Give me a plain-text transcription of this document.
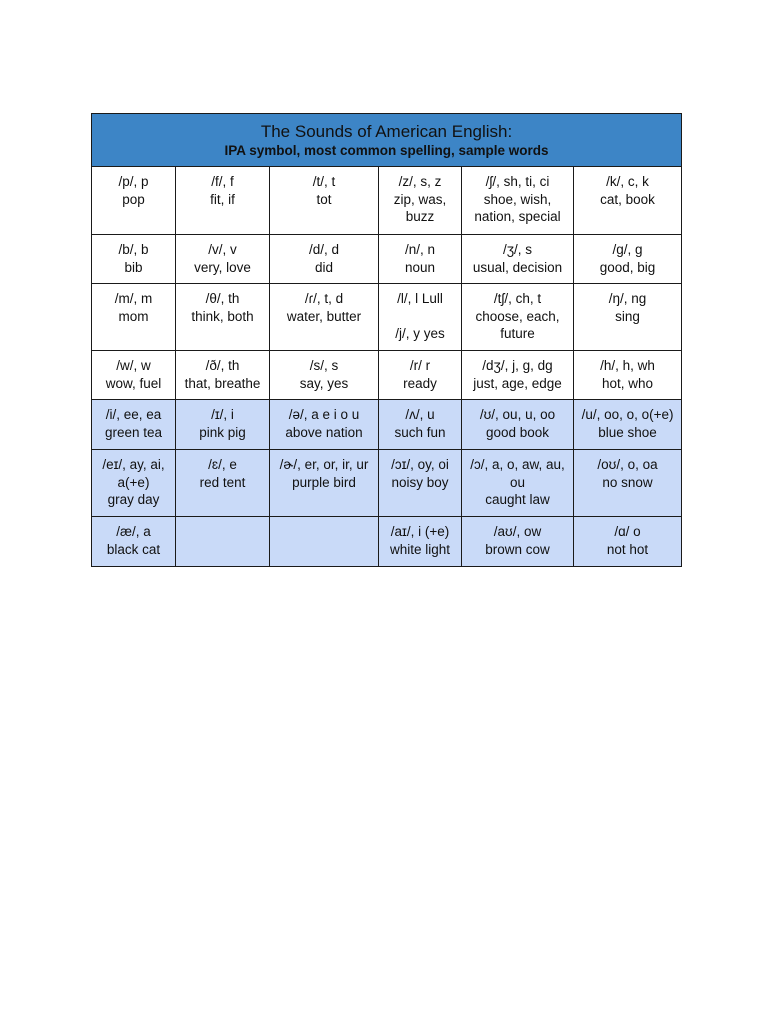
The Sounds of American English:
IPA symbol, most common spelling, sample words					

/p/, p
pop	/f/, f
fit, if	/t/, t
tot	/z/, s, z
zip, was,
buzz	/ʃ/, sh, ti, ci
shoe, wish,
nation, special	/k/, c, k
cat, book

/b/, b
bib	/v/, v
very, love	/d/, d
did	/n/, n
noun	/ʒ/, s
usual, decision	/g/, g
good, big

/m/, m
mom	/θ/, th
think, both	/ɾ/, t, d
water, butter	/l/, l Lull
/j/, y yes	/tʃ/, ch, t
choose, each,
future	/ŋ/, ng
sing

/w/, w
wow, fuel	/ð/, th
that, breathe	/s/, s
say, yes	/r/ r
ready	/dʒ/, j, g, dg
just, age, edge	/h/, h, wh
hot, who

/i/, ee, ea
green tea	/ɪ/, i
pink pig	/ə/, a e i o u
above nation	/ʌ/, u
such fun	/ʊ/, ou, u, oo
good book	/u/, oo, o, o(+e)
blue shoe

/eɪ/, ay, ai,
a(+e)
gray day	/ɛ/, e
red tent	/ɚ/, er, or, ir, ur
purple bird	/ɔɪ/, oy, oi
noisy boy	/ɔ/, a, o, aw, au,
ou
caught law	/oʊ/, o, oa
no snow

/æ/, a
black cat			/aɪ/, i (+e)
white light	/aʊ/, ow
brown cow	/ɑ/ o
not hot
